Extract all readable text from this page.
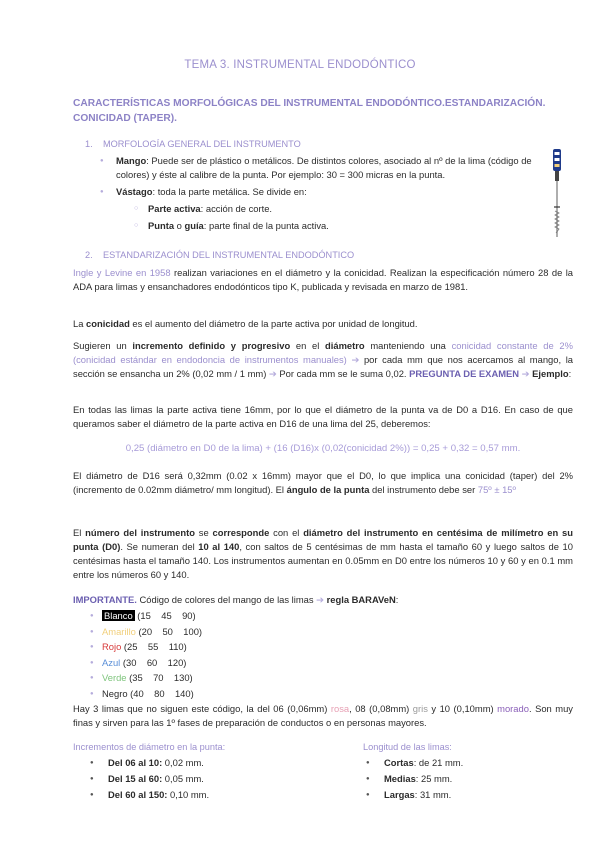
TEMA 3. INSTRUMENTAL ENDODÓNTICO
CARACTERÍSTICAS MORFOLÓGICAS DEL INSTRUMENTAL ENDODÓNTICO.ESTANDARIZACIÓN. CONICIDAD (TAPER).
1. MORFOLOGÍA GENERAL DEL INSTRUMENTO
● Mango: Puede ser de plástico o metálicos. De distintos colores, asociado al nº de la lima (código de colores) y éste al calibre de la punta. Por ejemplo: 30 = 300 micras en la punta.
● Vástago: toda la parte metálica. Se divide en:
○ Parte activa: acción de corte.
○ Punta o guía: parte final de la punta activa.
2. ESTANDARIZACIÓN DEL INSTRUMENTAL ENDODÓNTICO
Ingle y Levine en 1958 realizan variaciones en el diámetro y la conicidad. Realizan la especificación número 28 de la ADA para limas y ensanchadores endodónticos tipo K, publicada y revisada en marzo de 1981.
La conicidad es el aumento del diámetro de la parte activa por unidad de longitud.
Sugieren un incremento definido y progresivo en el diámetro manteniendo una conicidad constante de 2% (conicidad estándar en endodoncia de instrumentos manuales) ➔ por cada mm que nos acercamos al mango, la sección se ensancha un 2% (0,02 mm / 1 mm) ➔ Por cada mm se le suma 0,02. PREGUNTA DE EXAMEN ➔ Ejemplo:
En todas las limas la parte activa tiene 16mm, por lo que el diámetro de la punta va de D0 a D16. En caso de que queramos saber el diámetro de la parte activa en D16 de una lima del 25, deberemos:
0,25 (diámetro en D0 de la lima) + (16 (D16)x (0,02(conicidad 2%)) = 0,25 + 0,32 = 0,57 mm.
El diámetro de D16 será 0,32mm (0.02 x 16mm) mayor que el D0, lo que implica una conicidad (taper) del 2% (incremento de 0.02mm diámetro/ mm longitud). El ángulo de la punta del instrumento debe ser 75º ± 15º
El número del instrumento se corresponde con el diámetro del instrumento en centésima de milímetro en su punta (D0). Se numeran del 10 al 140, con saltos de 5 centésimas de mm hasta el tamaño 60 y luego saltos de 10 centésimas hasta el tamaño 140. Los instrumentos aumentan en 0.05mm en D0 entre los números 10 y 60 y en 0.1 mm entre los números 60 y 140.
IMPORTANTE. Código de colores del mango de las limas ➔ regla BARAVeN:
● Blanco (15    45    90)
● Amarillo (20    50    100)
● Rojo (25    55    110)
● Azul (30    60    120)
● Verde (35    70    130)
● Negro (40    80    140)
Hay 3 limas que no siguen este código, la del 06 (0,06mm) rosa, 08 (0,08mm) gris y 10 (0,10mm) morado. Son muy finas y sirven para las 1º fases de preparación de conductos o en personas mayores.
Incrementos de diámetro en la punta:
● Del 06 al 10: 0,02 mm.
● Del 15 al 60: 0,05 mm.
● Del 60 al 150: 0,10 mm.
Longitud de las limas:
● Cortas: de 21 mm.
● Medias: 25 mm.
● Largas: 31 mm.
